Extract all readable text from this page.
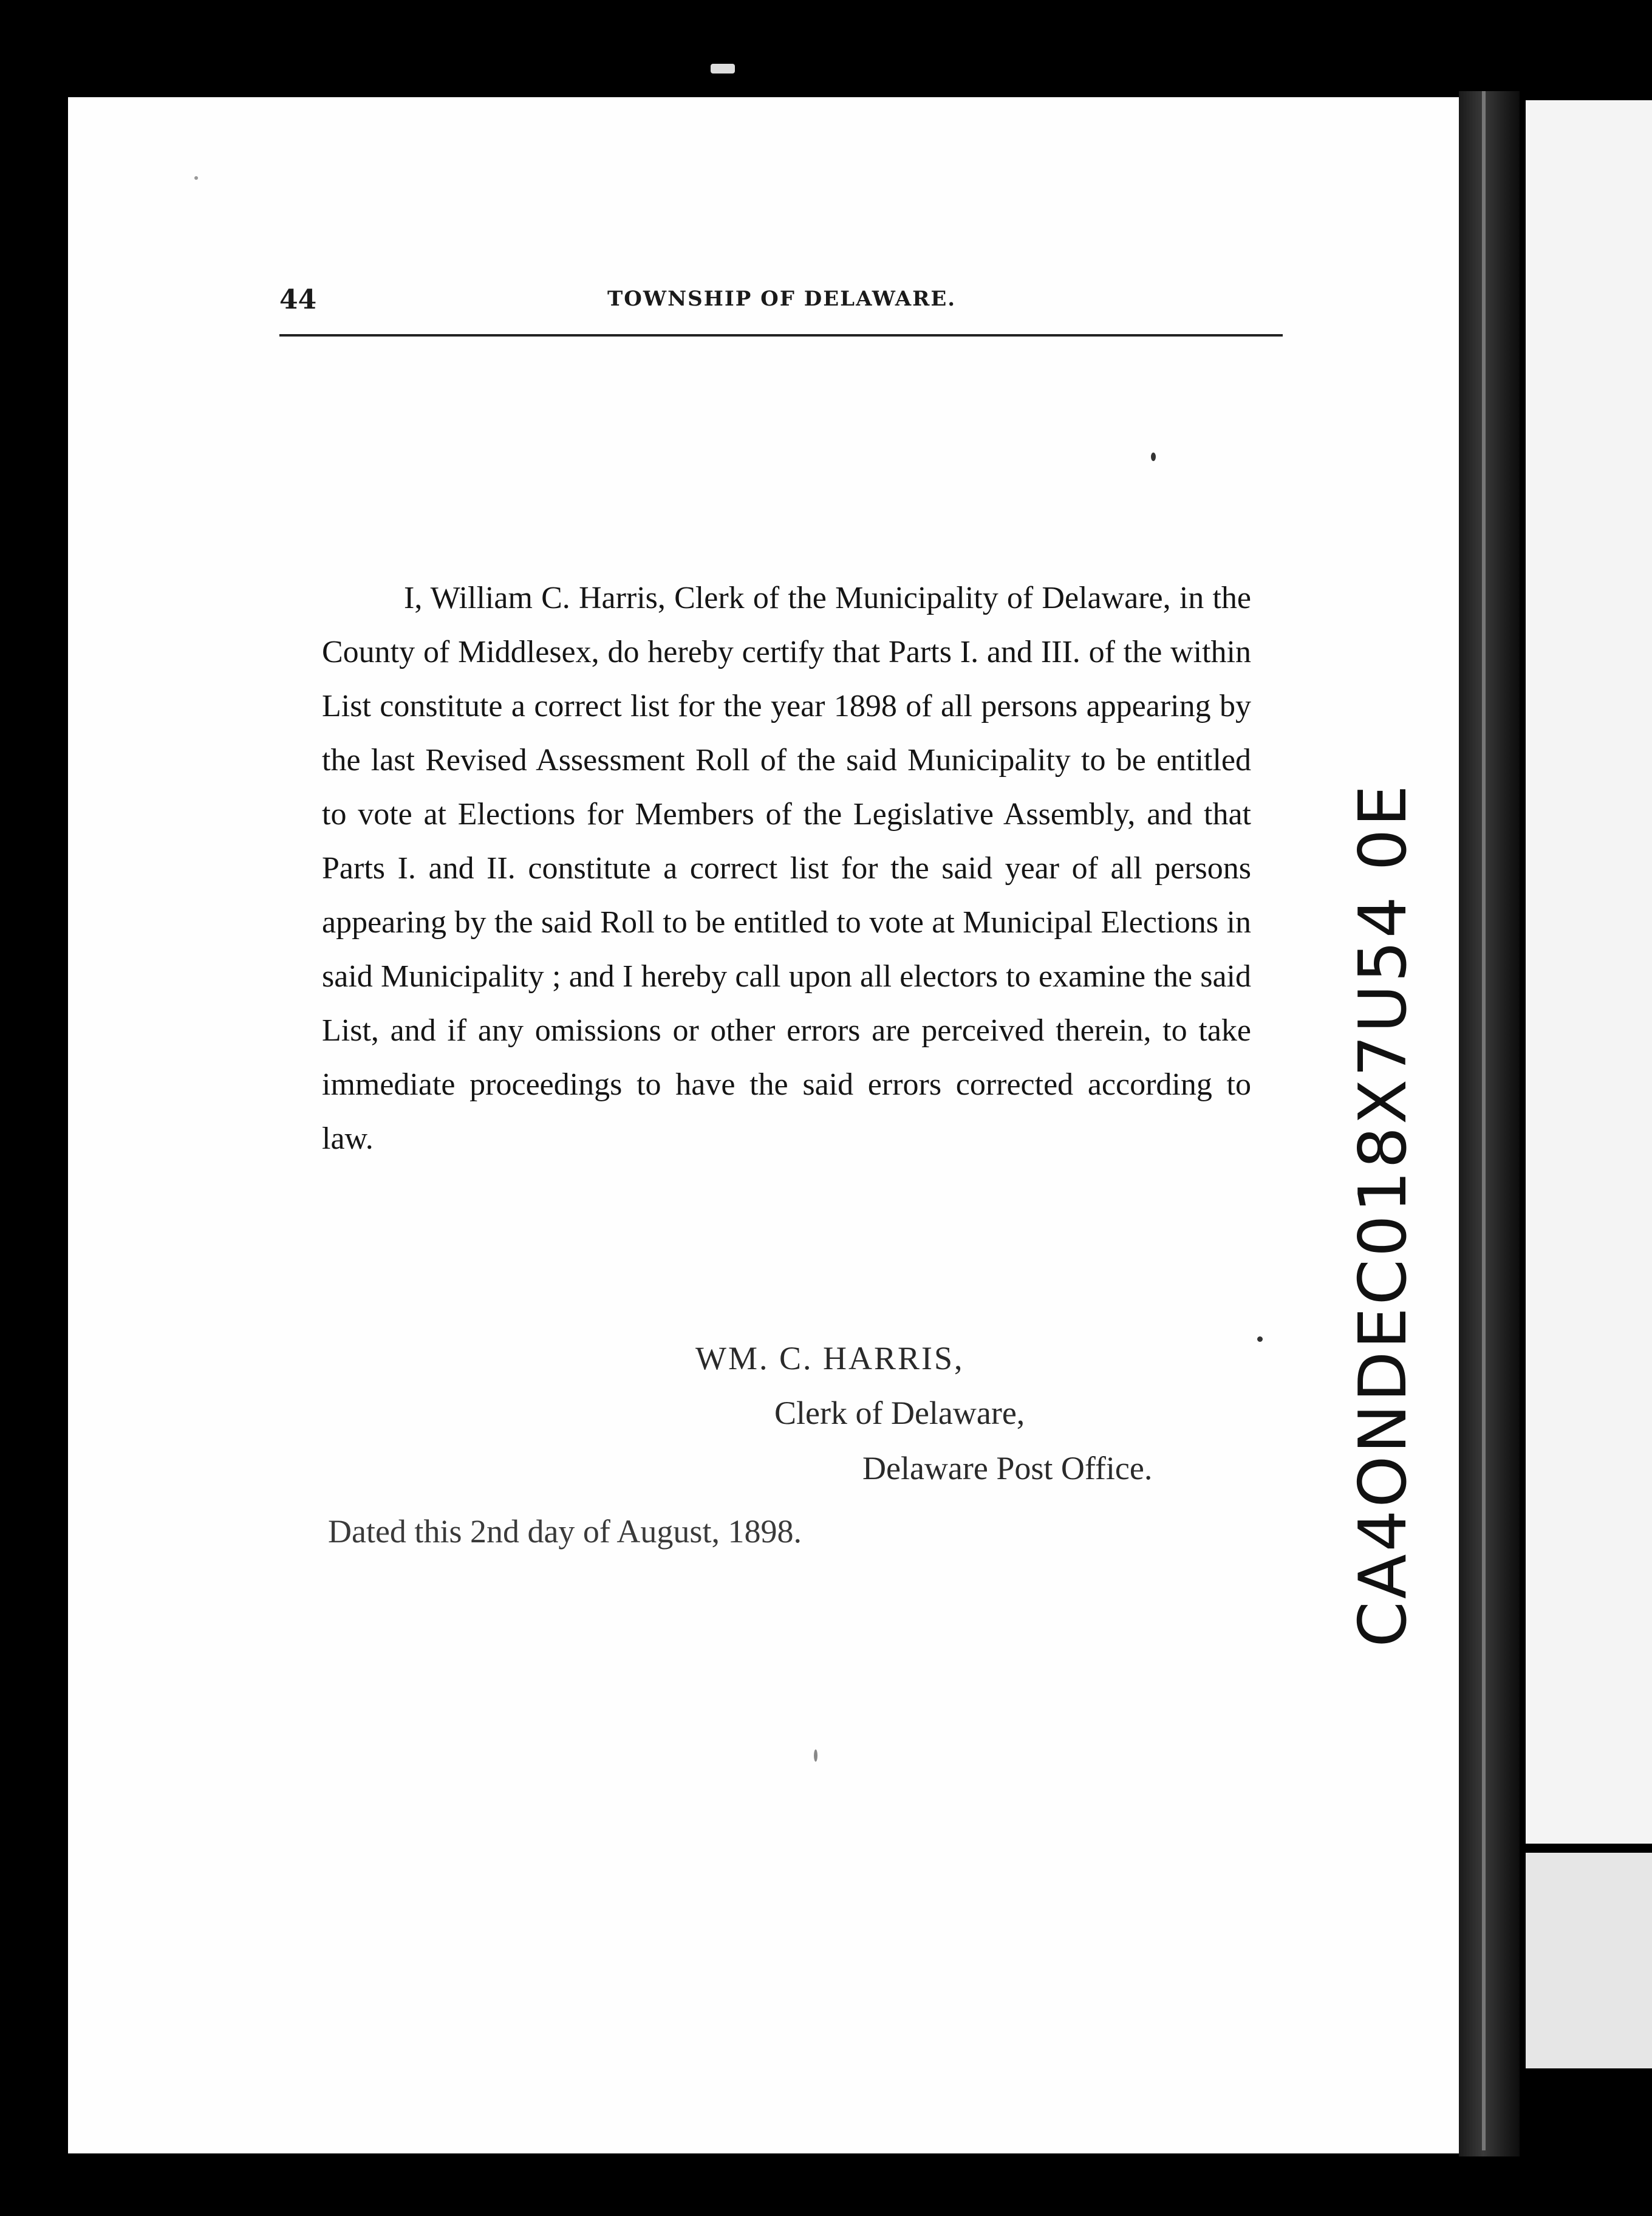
44	TOWNSHIP OF DELAWARE.

I, William C. Harris, Clerk of the Municipality of Delaware, in the County of Middlesex, do hereby certify that Parts I. and III. of the within List constitute a correct list for the year 1898 of all persons appearing by the last Revised Assessment Roll of the said Municipality to be entitled to vote at Elections for Members of the Legislative Assembly, and that Parts I. and II. constitute a correct list for the said year of all persons appearing by the said Roll to be entitled to vote at Municipal Elections in said Municipality ; and I hereby call upon all electors to examine the said List, and if any omissions or other errors are perceived therein, to take immediate proceedings to have the said errors corrected according to law.

WM. C. HARRIS,
Clerk of Delaware,
Delaware Post Office.
Dated this 2nd day of August, 1898.	CA4ONDEC018X7U54 0E
